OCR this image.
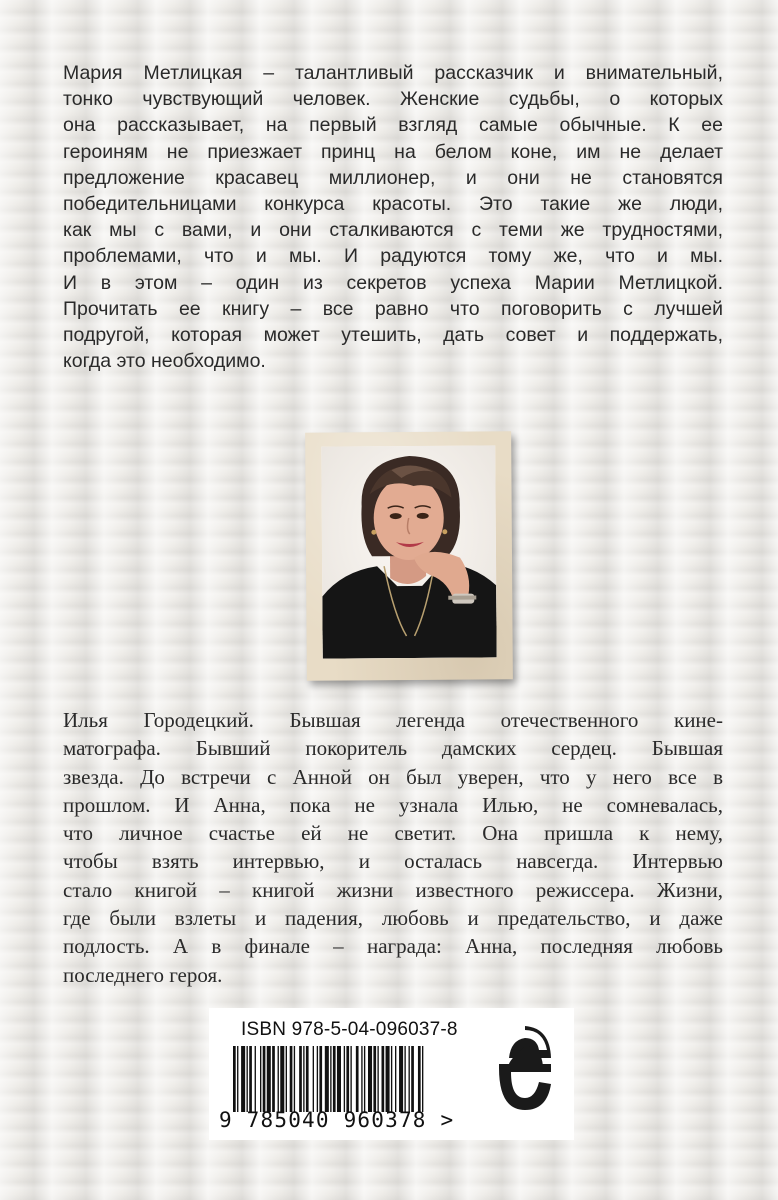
Мария Метлицкая – талантливый рассказчик и внимательный,
тонко чувствующий человек. Женские судьбы, о которых
она рассказывает, на первый взгляд самые обычные. К ее
героиням не приезжает принц на белом коне, им не делает
предложение красавец миллионер, и они не становятся
победительницами конкурса красоты. Это такие же люди,
как мы с вами, и они сталкиваются с теми же трудностями,
проблемами, что и мы. И радуются тому же, что и мы.
И в этом – один из секретов успеха Марии Метлицкой.
Прочитать ее книгу – все равно что поговорить с лучшей
подругой, которая может утешить, дать совет и поддержать,
когда это необходимо.
Илья Городецкий. Бывшая легенда отечественного кине-
матографа. Бывший покоритель дамских сердец. Бывшая
звезда. До встречи с Анной он был уверен, что у него все в
прошлом. И Анна, пока не узнала Илью, не сомневалась,
что личное счастье ей не светит. Она пришла к нему,
чтобы взять интервью, и осталась навсегда. Интервью
стало книгой – книгой жизни известного режиссера. Жизни,
где были взлеты и падения, любовь и предательство, и даже
подлость. А в финале – награда: Анна, последняя любовь
последнего героя.
ISBN 978-5-04-096037-8
9 785040 960378 >
